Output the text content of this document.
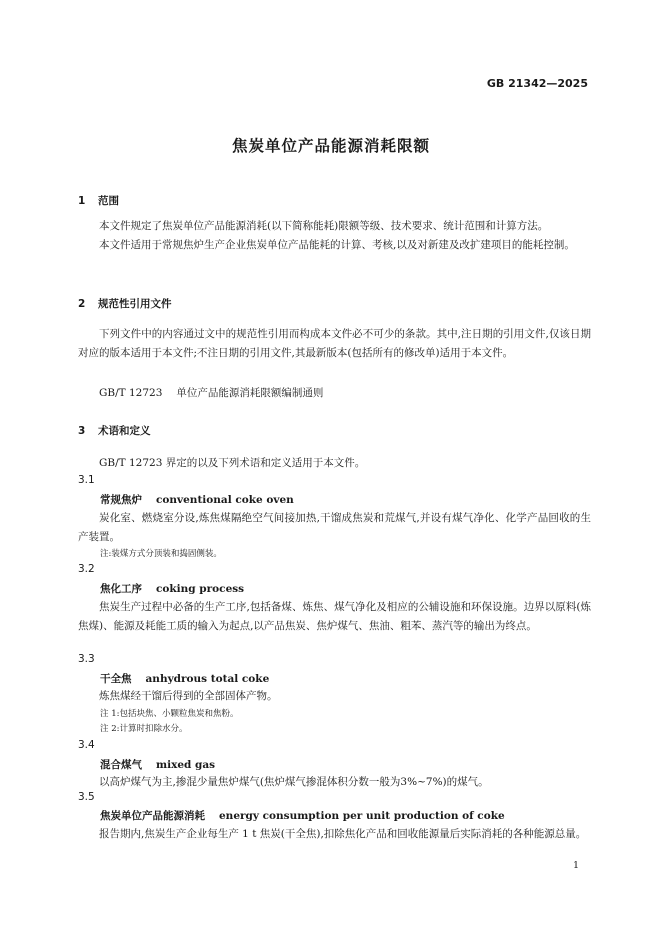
GB 21342—2025
焦炭单位产品能源消耗限额
1 范围

本文件规定了焦炭单位产品能源消耗(以下简称能耗)限额等级、技术要求、统计范围和计算方法。

本文件适用于常规焦炉生产企业焦炭单位产品能耗的计算、考核,以及对新建及改扩建项目的能耗控制。

2 规范性引用文件

下列文件中的内容通过文中的规范性引用而构成本文件必不可少的条款。其中,注日期的引用文件,仅该日期对应的版本适用于本文件;不注日期的引用文件,其最新版本(包括所有的修改单)适用于本文件。

GB/T 12723 单位产品能源消耗限额编制通则
3 术语和定义
GB/T 12723 界定的以及下列术语和定义适用于本文件。
3.1
常规焦炉 conventional coke oven

炭化室、燃烧室分设,炼焦煤隔绝空气间接加热,干馏成焦炭和荒煤气,并设有煤气净化、化学产品回收的生产装置。

注:装煤方式分顶装和捣固侧装。
3.2
焦化工序 coking process

焦炭生产过程中必备的生产工序,包括备煤、炼焦、煤气净化及相应的公辅设施和环保设施。边界以原料(炼焦煤)、能源及耗能工质的输入为起点,以产品焦炭、焦炉煤气、焦油、粗苯、蒸汽等的输出为终点。

3.3
干全焦 anhydrous total coke
炼焦煤经干馏后得到的全部固体产物。
注 1:包括块焦、小颗粒焦炭和焦粉。
注 2:计算时扣除水分。
3.4
混合煤气 mixed gas
以高炉煤气为主,掺混少量焦炉煤气(焦炉煤气掺混体积分数一般为3%~7%)的煤气。
3.5
焦炭单位产品能源消耗 energy consumption per unit production of coke

报告期内,焦炭生产企业每生产 1 t 焦炭(干全焦),扣除焦化产品和回收能源量后实际消耗的各种能源总量。

1
